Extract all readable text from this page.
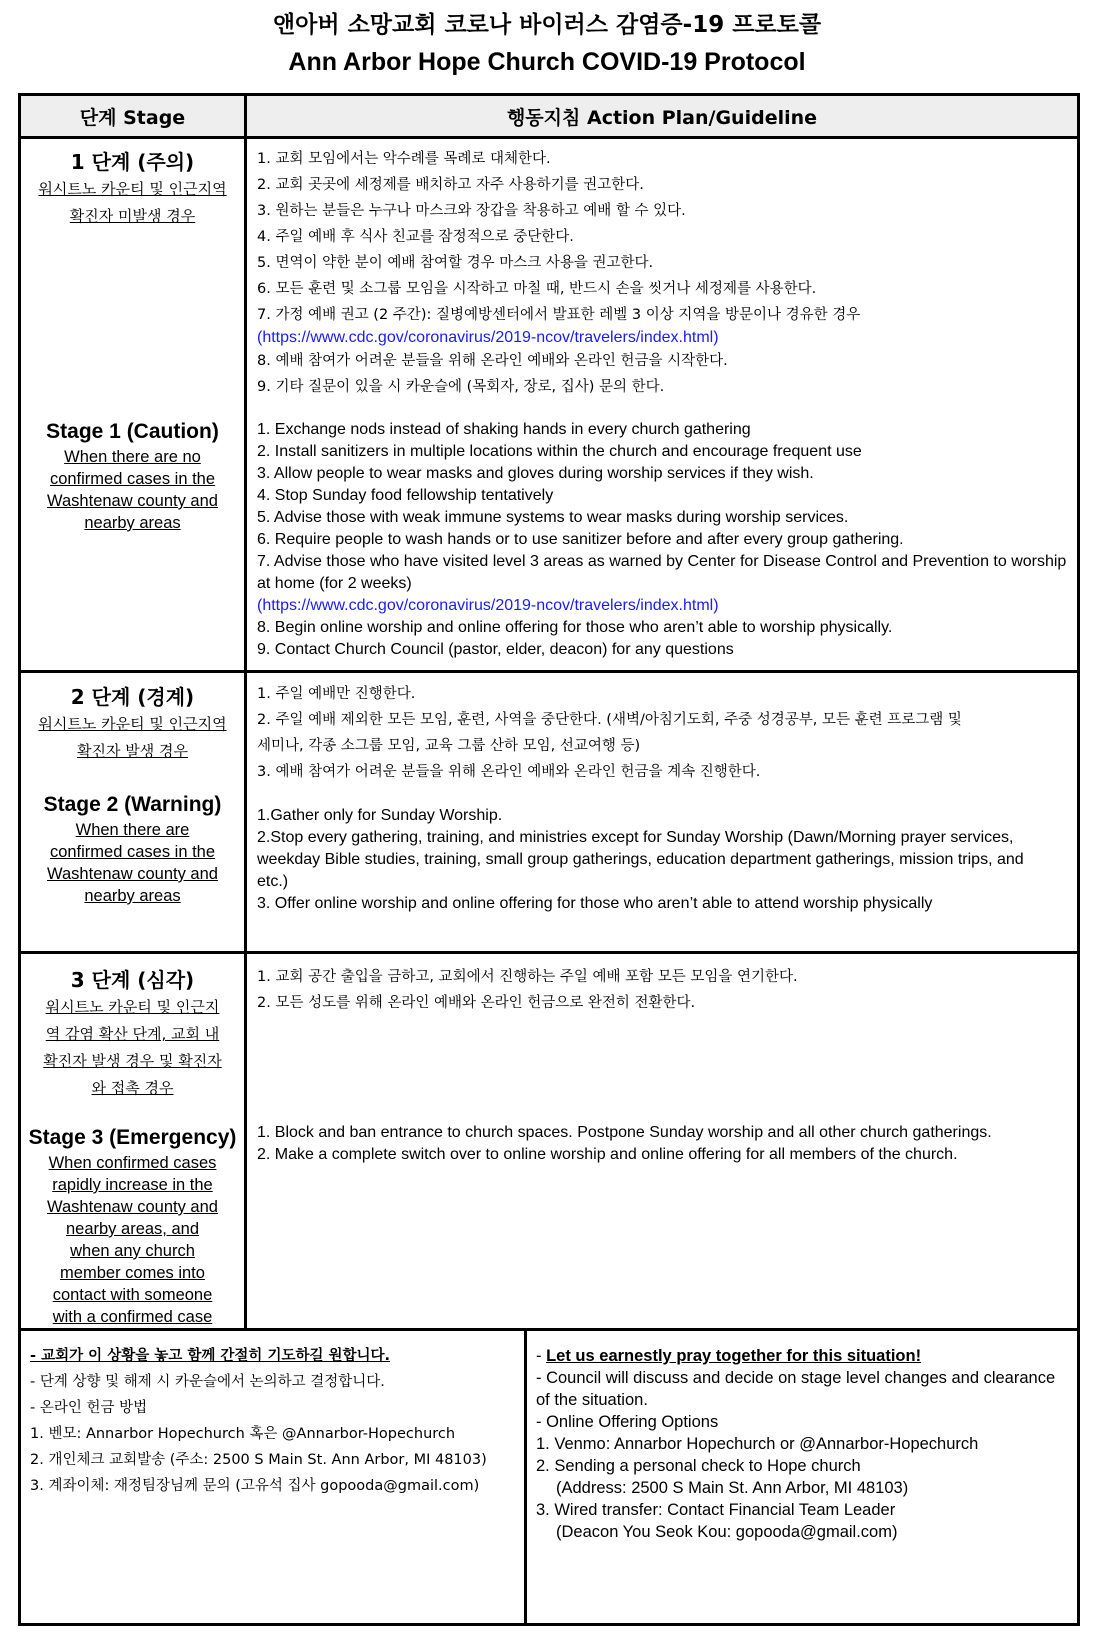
앤아버 소망교회 코로나 바이러스 감염증-19 프로토콜
Ann Arbor Hope Church COVID-19 Protocol
단계 Stage	행동지침 Action Plan/Guideline
1 단계 (주의)
워시트노 카운티 및 인근지역 확진자 미발생 경우
Stage 1 (Caution)
When there are no confirmed cases in the Washtenaw county and nearby areas
1. 교회 모임에서는 악수례를 목례로 대체한다.
2. 교회 곳곳에 세정제를 배치하고 자주 사용하기를 권고한다.
3. 원하는 분들은 누구나 마스크와 장갑을 착용하고 예배 할 수 있다.
4. 주일 예배 후 식사 친교를 잠정적으로 중단한다.
5. 면역이 약한 분이 예배 참여할 경우 마스크 사용을 권고한다.
6. 모든 훈련 및 소그룹 모임을 시작하고 마칠 때, 반드시 손을 씻거나 세정제를 사용한다.
7. 가정 예배 권고 (2 주간): 질병예방센터에서 발표한 레벨 3 이상 지역을 방문이나 경유한 경우
(https://www.cdc.gov/coronavirus/2019-ncov/travelers/index.html)
8. 예배 참여가 어려운 분들을 위해 온라인 예배와 온라인 헌금을 시작한다.
9. 기타 질문이 있을 시 카운슬에 (목회자, 장로, 집사) 문의 한다.
1. Exchange nods instead of shaking hands in every church gathering
2. Install sanitizers in multiple locations within the church and encourage frequent use
3. Allow people to wear masks and gloves during worship services if they wish.
4. Stop Sunday food fellowship tentatively
5. Advise those with weak immune systems to wear masks during worship services.
6. Require people to wash hands or to use sanitizer before and after every group gathering.
7. Advise those who have visited level 3 areas as warned by Center for Disease Control and Prevention to worship at home (for 2 weeks)
(https://www.cdc.gov/coronavirus/2019-ncov/travelers/index.html)
8. Begin online worship and online offering for those who aren’t able to worship physically.
9. Contact Church Council (pastor, elder, deacon) for any questions
2 단계 (경계)
워시트노 카운티 및 인근지역 확진자 발생 경우
Stage 2 (Warning)
When there are confirmed cases in the Washtenaw county and nearby areas
1. 주일 예배만 진행한다.
2. 주일 예배 제외한 모든 모임, 훈련, 사역을 중단한다. (새벽/아침기도회, 주중 성경공부, 모든 훈련 프로그램 및
세미나, 각종 소그룹 모임, 교육 그룹 산하 모임, 선교여행 등)
3. 예배 참여가 어려운 분들을 위해 온라인 예배와 온라인 헌금을 계속 진행한다.
1.Gather only for Sunday Worship.
2.Stop every gathering, training, and ministries except for Sunday Worship (Dawn/Morning prayer services, weekday Bible studies, training, small group gatherings, education department gatherings, mission trips, and etc.)
3. Offer online worship and online offering for those who aren’t able to attend worship physically
3 단계 (심각)
워시트노 카운티 및 인근지역 감염 확산 단계, 교회 내 확진자 발생 경우 및 확진자와 접촉 경우
Stage 3 (Emergency)
When confirmed cases rapidly increase in the Washtenaw county and nearby areas, and when any church member comes into contact with someone with a confirmed case
1. 교회 공간 출입을 금하고, 교회에서 진행하는 주일 예배 포함 모든 모임을 연기한다.
2. 모든 성도를 위해 온라인 예배와 온라인 헌금으로 완전히 전환한다.
1. Block and ban entrance to church spaces. Postpone Sunday worship and all other church gatherings.
2. Make a complete switch over to online worship and online offering for all members of the church.
- 교회가 이 상황을 놓고 함께 간절히 기도하길 원합니다.
- 단계 상향 및 해제 시 카운슬에서 논의하고 결정합니다.
- 온라인 헌금 방법
1. 벤모: Annarbor Hopechurch 혹은 @Annarbor-Hopechurch
2. 개인체크 교회발송 (주소: 2500 S Main St. Ann Arbor, MI 48103)
3. 계좌이체: 재정팀장님께 문의 (고유석 집사 gopooda@gmail.com)
- Let us earnestly pray together for this situation!
- Council will discuss and decide on stage level changes and clearance of the situation.
- Online Offering Options
1. Venmo: Annarbor Hopechurch or @Annarbor-Hopechurch
2. Sending a personal check to Hope church
(Address: 2500 S Main St. Ann Arbor, MI 48103)
3. Wired transfer: Contact Financial Team Leader
(Deacon You Seok Kou: gopooda@gmail.com)
